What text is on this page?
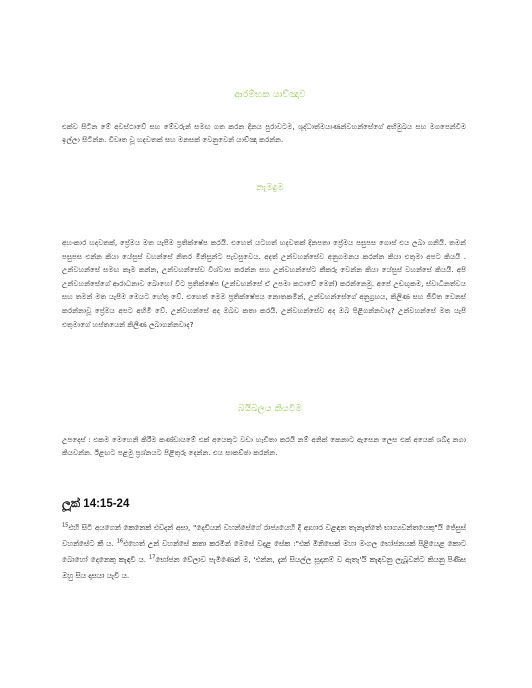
ආරම්භක යාච්ඤාව
එක්ව සිටින මේ අවස්ථාවේ සහ මේවරුන් සමඟ ගත කරන දිනය පුරාවටම, ශුද්ධාත්මයාණන්වහන්සේගේ අභිමුඛය සහ මගපෙන්වීම ඉල්ලා සිටින්න. විවෘත වූ හදවතක් සහ මනසක් වෙනුවෙන් යාච්ඤා කරන්න.
නැමදුම
අහංකාර හදවතක්, ප්‍රේමය මත යැපීම ප්‍රතික්ෂේප කරයි. එහෙත් යටහත් හදවතක් දිනපතා ප්‍රේමය පසුපස ගොස් එය ලබා ගනියි. තමන් පසුපස එන්න කියා යේසුස් වහන්සේ නිතර මිනිසුන්ට පැවසුවෙය. අදත් උන්වහන්සේව අනුගමනය කරන්න කියා එතුමා අපට කියයි . උන්වහන්සේ සමඟ කෑම කන්න, උන්වහන්සේව විශ්වාස කරන්න සහ උන්වහන්සේට කීකරු වෙන්න කියා යේසුස් වහන්සේ කියයි. අපි උන්වහන්සේගේ ආරාධනාව බොහෝ විට ප්‍රතික්ෂේප (උන්වහන්සේ ඒ උපමා කථාවේ මෙන්) කරන්නෙමු. අපේ උඩඟුකම, ස්වාධීනත්වය සහ තමන් මත යැපීම මෙයට හේතු වේ. එහෙත් මෙම ප්‍රතික්ෂේපය නොතකමින්, උන්වහන්සේගේ අනුග්‍රහය, කිලිණ සහ ජීවිත වෙනස් කරන්නාවූ ප්‍රේමය අපට අහිමි වේ. උන්වහන්සේ අද ඔබව කතා කරයි. උන්වහන්සේව අද ඔබ පිළිගන්නවාද? උන්වහන්සේ මත යැපී එතුමාගේ හස්තයෙන් කිලිණ ලබාගන්නවාද?
බයිබලය කියවීම
උපදෙස් : එකම මෙහෙනි කිරීම කණ්ඩායමේ එක් අයෙකුට වඩා හැඩිතා කරයි නම් අනික් කෙනාට ඇසෙන ලෙස එක් අයෙක් ශබ්ද නගා කියවන්න. ඊළඟට පළමු ප්‍රශ්නයට පිළිතුරු දෙන්න. එය සාකච්ඡා කරන්න.
ලූක් 14:15-24
$^{15}$එහි සිටි අයගෙන් කෙනෙක් එවදන් අසා, "දෙවියන් වහන්සේගේ රාජ්‍යයෙහි දී ආහාර වළඳන තැනැත්තේ භාග්‍යවන්තයෙකු"යි ජේසුස් වහන්සේට කී ය. $^{16}$එහෙත් උන් වහන්සේ කතා කරමින් මෙසේ වදාළ සේක :"එක් මිනිසෙක් මහා මංගල භෝජනයක් පිළියෙළ කොට බොහෝ දෙනෙකු කැඳවී ය. $^{17}$භෝජන වේලාව පැමිණෙන් ම, 'එන්න, දැන් සියල්ල සූදානම් ව ඇතැ'යි කැඳවනු ලැබූවන්ට කියනු පිණිස ඔහු සිය දාසයා යැවී ය.
